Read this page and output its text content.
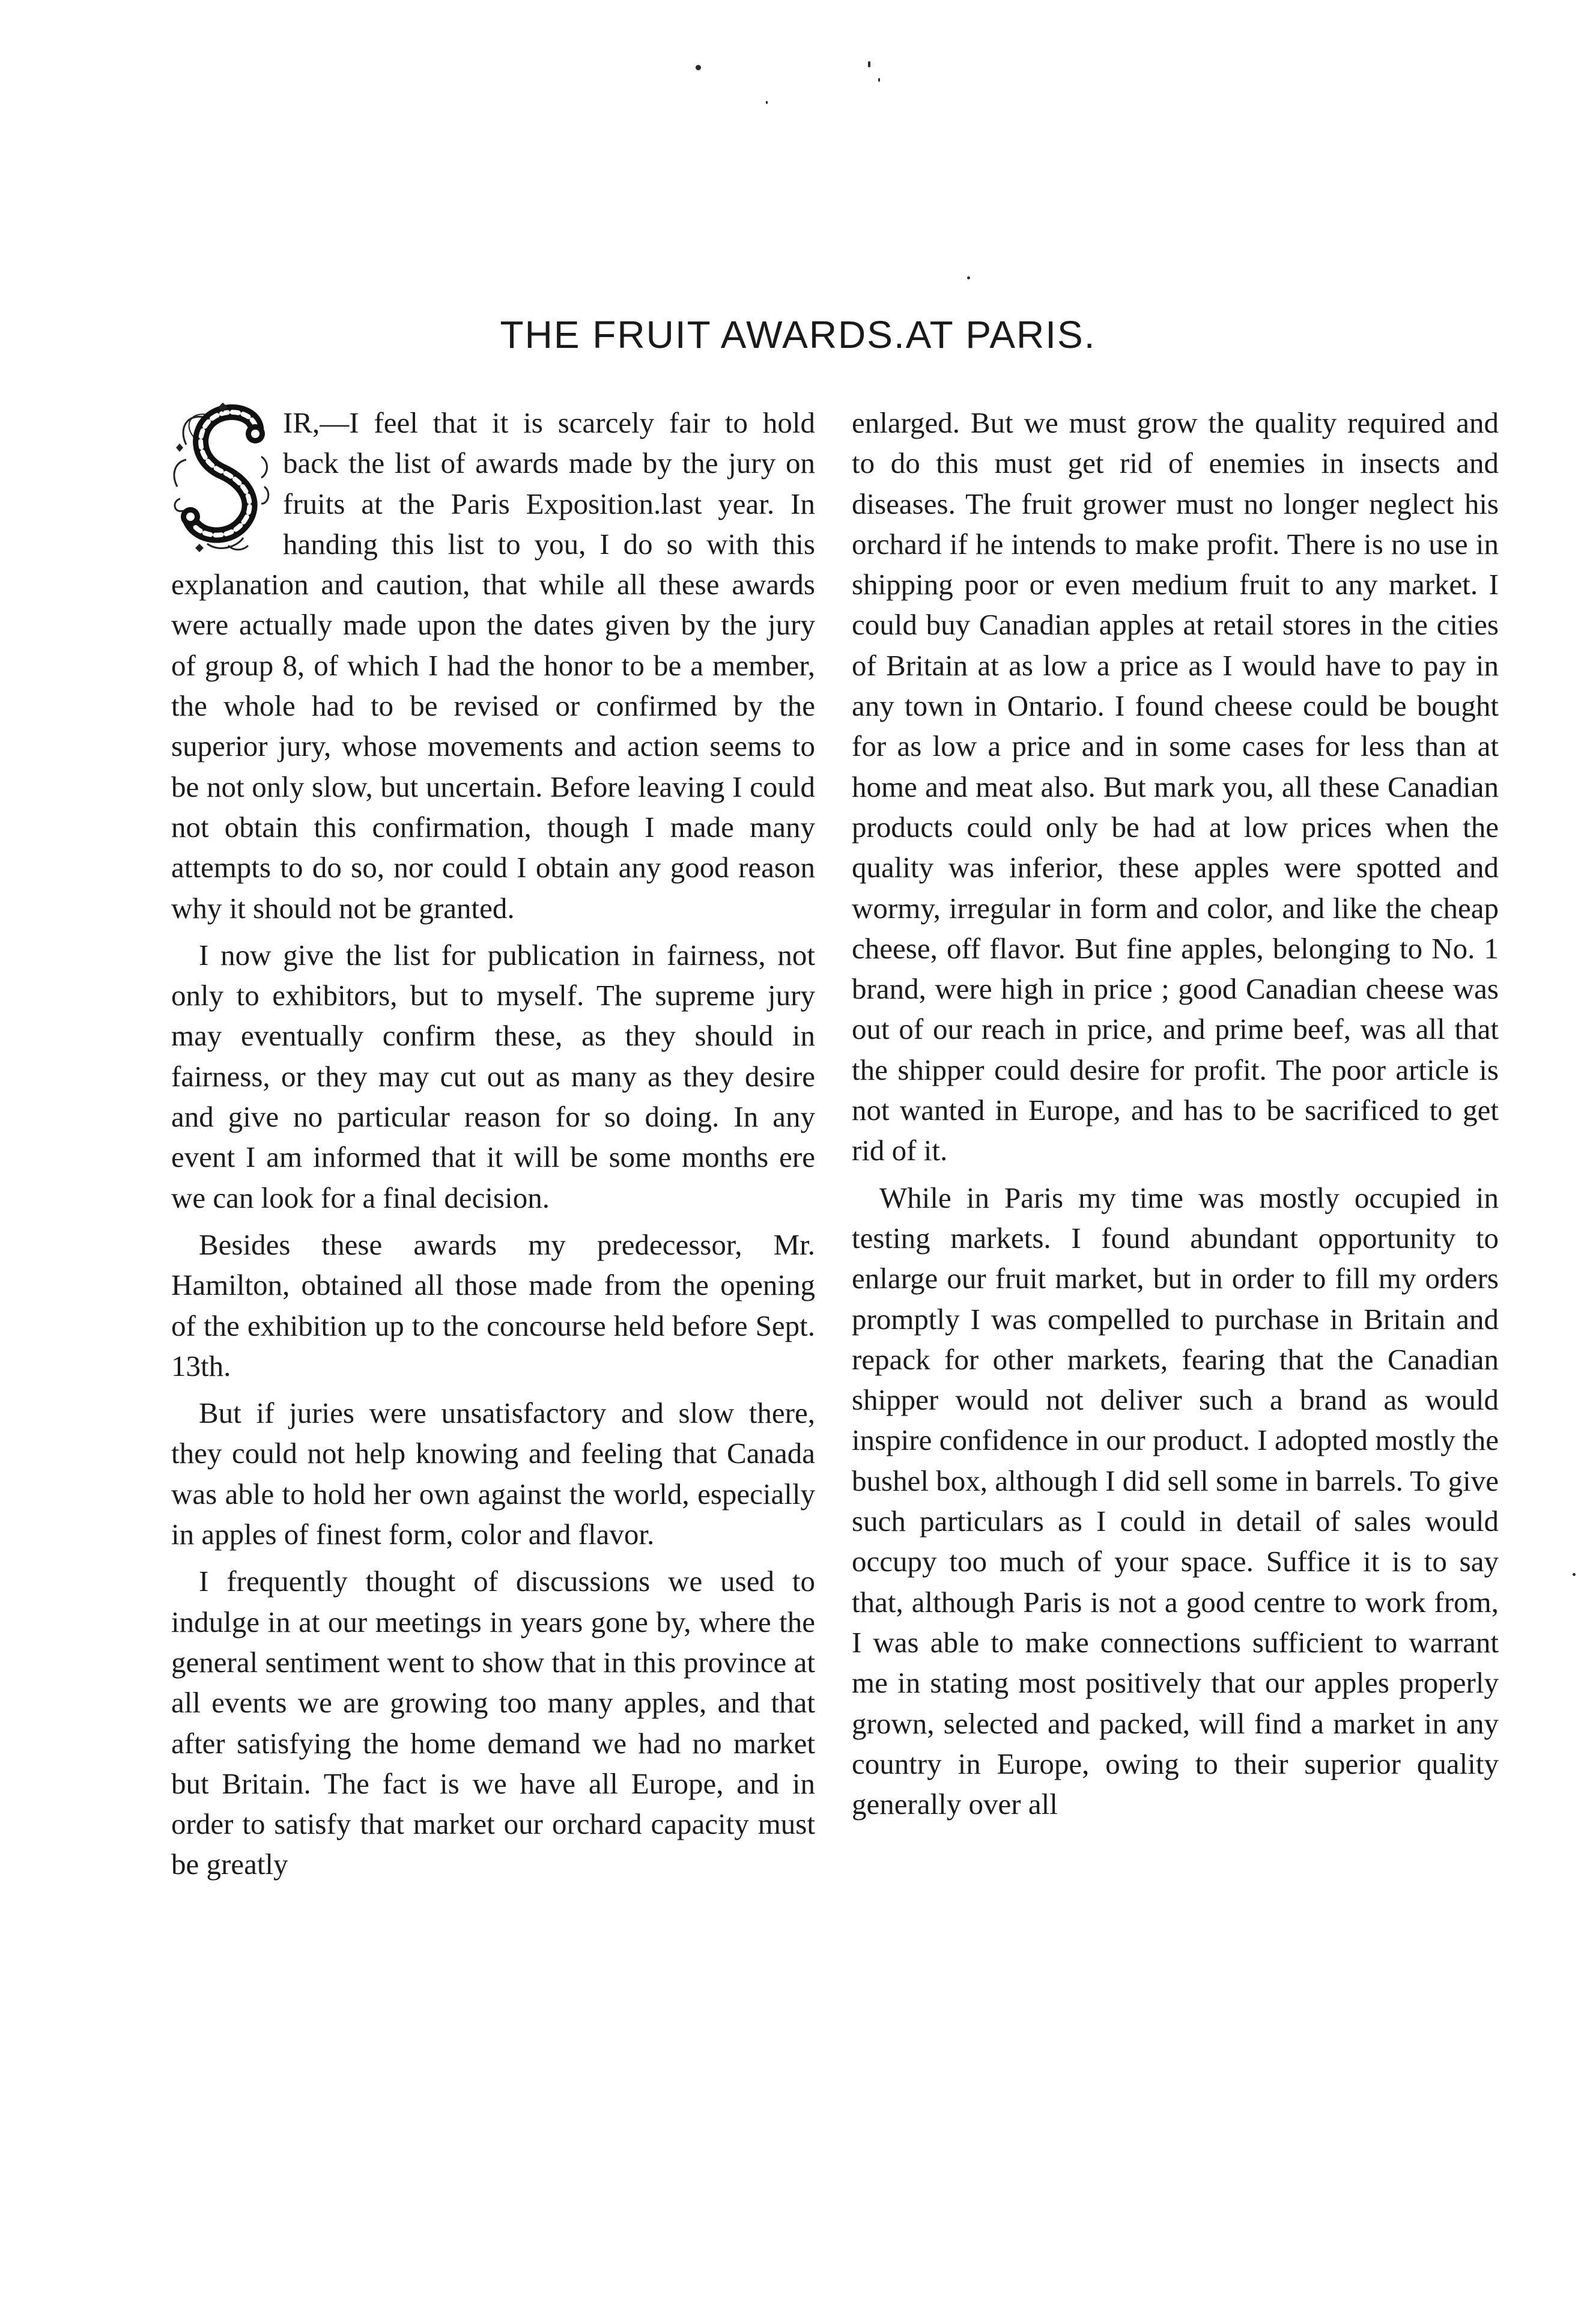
THE FRUIT AWARDS.AT PARIS.

IR,—I feel that it is scarcely fair to hold back the list of awards made by the jury on fruits at the Paris Exposition.last year. In handing this list to you, I do so with this explanation and caution, that while all these awards were actually made upon the dates given by the jury of group 8, of which I had the honor to be a member, the whole had to be revised or confirmed by the superior jury, whose movements and action seems to be not only slow, but uncertain. Before leaving I could not obtain this confirmation, though I made many attempts to do so, nor could I obtain any good reason why it should not be granted.

I now give the list for publication in fairness, not only to exhibitors, but to myself. The supreme jury may eventually confirm these, as they should in fairness, or they may cut out as many as they desire and give no particular reason for so doing. In any event I am informed that it will be some months ere we can look for a final decision.

Besides these awards my predecessor, Mr. Hamilton, obtained all those made from the opening of the exhibition up to the concourse held before Sept. 13th.

But if juries were unsatisfactory and slow there, they could not help knowing and feeling that Canada was able to hold her own against the world, especially in apples of finest form, color and flavor.

I frequently thought of discussions we used to indulge in at our meetings in years gone by, where the general sentiment went to show that in this province at all events we are growing too many apples, and that after satisfying the home demand we had no market but Britain. The fact is we have all Europe, and in order to satisfy that market our orchard capacity must be greatly

enlarged. But we must grow the quality required and to do this must get rid of enemies in insects and diseases. The fruit grower must no longer neglect his orchard if he intends to make profit. There is no use in shipping poor or even medium fruit to any market. I could buy Canadian apples at retail stores in the cities of Britain at as low a price as I would have to pay in any town in Ontario. I found cheese could be bought for as low a price and in some cases for less than at home and meat also. But mark you, all these Canadian products could only be had at low prices when the quality was inferior, these apples were spotted and wormy, irregular in form and color, and like the cheap cheese, off flavor. But fine apples, belonging to No. 1 brand, were high in price ; good Canadian cheese was out of our reach in price, and prime beef, was all that the shipper could desire for profit. The poor article is not wanted in Europe, and has to be sacrificed to get rid of it.

While in Paris my time was mostly occupied in testing markets. I found abundant opportunity to enlarge our fruit market, but in order to fill my orders promptly I was compelled to purchase in Britain and repack for other markets, fearing that the Canadian shipper would not deliver such a brand as would inspire confidence in our product. I adopted mostly the bushel box, although I did sell some in barrels. To give such particulars as I could in detail of sales would occupy too much of your space. Suffice it is to say that, although Paris is not a good centre to work from, I was able to make connections sufficient to warrant me in stating most positively that our apples properly grown, selected and packed, will find a market in any country in Europe, owing to their superior quality generally over all
